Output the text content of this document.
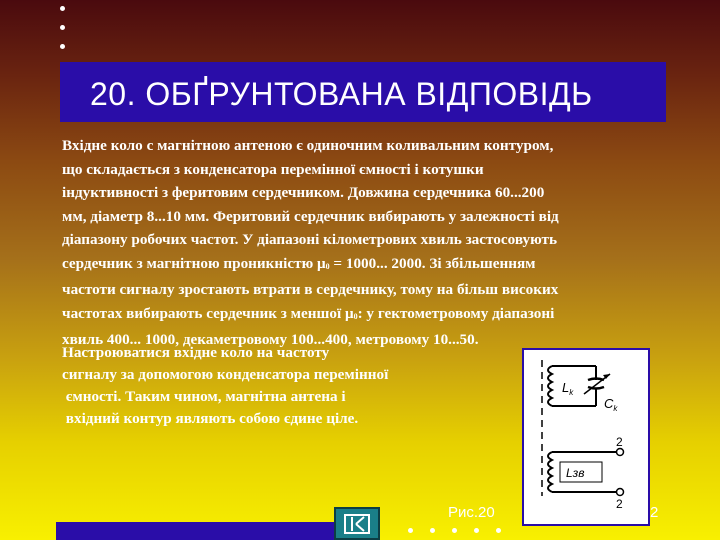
20. ОБҐРУНТОВАНА ВІДПОВІДЬ

Вхідне коло с магнітною антеною є одиночним коливальним контуром,

що складається з конденсатора перемінної ємності і котушки

індуктивності з феритовим сердечником. Довжина сердечника 60...200

мм, діаметр 8...10 мм. Феритовий сердечник вибирають у залежності від

діапазону робочих частот. У діапазоні кілометрових хвиль застосовують

сердечник з магнітною проникністю μ0 = 1000... 2000. Зі збільшенням

частоти сигналу зростають втрати в сердечнику, тому на більш високих

частотах вибирають сердечник з меншої μ0: у гектометровому діапазоні

хвиль 400... 1000, декаметровому 100...400, метровому 10...50.

Настроюватися вхідне коло на частоту

сигналу за допомогою конденсатора перемінної

ємності. Таким чином, магнітна антена і

вхідний контур являють собою єдине ціле.

$L_k$
$C_k$
Lзв
2
2
Рис.20	2
